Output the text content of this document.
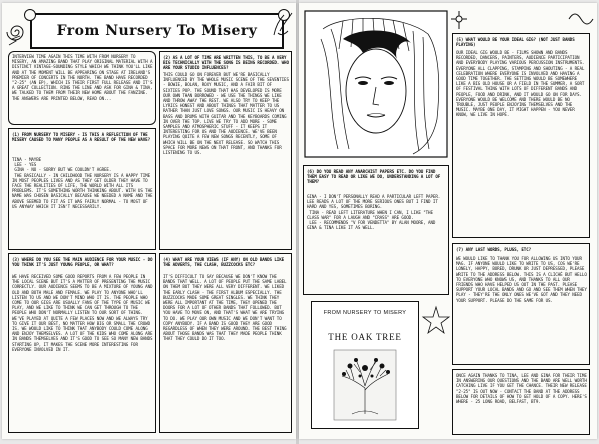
From Nursery To Misery
INTERVIEW TIME AGAIN THIS TIME WITH FROM NURSERY TO MISERY, AN AMAZING BAND THAT PLAY ORIGINAL MATERIAL WITH A DISTINCT VINTAGE-SOUNDING STYLE WHICH WE THINK YOU'LL LIKE AND AT THE MOMENT WILL BE APPEARING ON STAGE AT IRELAND'S PREMIER OF CONCERTS IN THE NORTH. THE BAND HAVE RECORDED "2-25" (AN EP), WHICH IS THEIR FIRST FULL RELEASE AND IT'S A GREAT COLLECTION. RING THE LINE AND ASK FOR GINA & TINA, WE TALKED TO THEM FROM THEIR NEW HOME ABOUT THE FANZINE. THE ANSWERS ARE PRINTED BELOW, READ ON...
(1) FROM NURSERY TO MISERY - IS THIS A REFLECTION OF THE MISERY CAUSED TO MANY PEOPLE AS A RESULT OF THE NEW WAVE?
TINA - MAYBE
LEE - YES
GINA - NO - SORRY BUT WE COULDN'T AGREE.
THE BASICALLY - IN CHILDHOOD THE NURSERY IS A HAPPY TIME IN MOST PEOPLES LIVES AND AS THEY GET OLDER THEY HAVE TO FACE THE REALITIES OF LIFE, THE WORLD WITH ALL ITS PROBLEMS. IT'S SOMETHING WORTH THINKING ABOUT. WITH US THE NAME WAS CHOSEN BASICALLY BECAUSE WE NEEDED A NAME AND THE ABOVE SEEMED TO FIT AS IT WAS FAIRLY NORMAL - TO MOST OF US ANYWAY WHICH IT ISN'T NECESSARILY.
(2) AS A LOT OF TIME ARE WRITTEN THIS, TO BE A VERY BIG TECHNICALLY WITH THE SONG IS BEING RECORDED. WHO ARE YOUR STUDIO INFLUENCES?
THIS COULD GO ON FOREVER BUT WE'RE BASICALLY INFLUENCED BY THE WHOLE MUSIC SCENE OF THE SEVENTIES - BOWIE, BOLAN, ROXY MUSIC, AND A FAIR BIT OF SIXTIES POP. THE SOUND THAT HAS DEVELOPED IS MORE OUR OWN THAN BORROWED - WE USE THE THINGS WE LIKE AND THROW AWAY THE REST. WE ALSO TRY TO KEEP THE LYRICS HONEST AND ABOUT THINGS THAT MATTER TO US RATHER THAN JUST LOVE SONGS. OUR MUSIC IS HEAVY ON BASS AND DRUMS WITH GUITAR AND THE KEYBOARDS COMING IN OVER THE TOP. LIVE WE TRY TO ADD MORE - SOME SAMPLES AND ATMOSPHERIC STUFF - IT KEEPS IT INTERESTING FOR US AND THE AUDIENCE. WE'VE BEEN PLAYING QUITE A FEW NEW SONGS RECENTLY, SOME OF WHICH WILL BE ON THE NEXT RELEASE. SO WATCH THIS SPACE FOR MORE NEWS ON THAT FRONT, AND THANKS FOR LISTENING TO US.
(3) WHERE DO YOU SEE THE MAIN AUDIENCE FOR YOUR MUSIC - DO YOU THINK IT'S JUST YOUNG PEOPLE, OR WHAT?
WE HAVE RECEIVED SOME GOOD REPORTS FROM A FEW PEOPLE IN THE LOCAL SCENE BUT IT'S A MATTER OF PRESENTING THE MUSIC CORRECTLY. OUR AUDIENCE SEEMS TO BE A MIXTURE OF YOUNG AND OLD AND BOTH MALE AND FEMALE. WE PLAY TO ANYONE WHO'LL LISTEN TO US AND WE DON'T MIND WHO IT IS. THE PEOPLE WHO COME TO OUR GIGS ARE USUALLY FANS OF THE TYPE OF MUSIC WE PLAY, AND WE LIKE TO THINK WE CAN GET THROUGH TO THE PEOPLE WHO DON'T NORMALLY LISTEN TO OUR SORT OF THING. WE'VE PLAYED AT QUITE A FEW PLACES NOW AND WE ALWAYS TRY TO GIVE IT OUR BEST, NO MATTER HOW BIG OR SMALL THE CROWD IS. WE WOULD LIKE TO THINK THAT ANYBODY COULD COME ALONG AND ENJOY THEMSELVES. A LOT OF THE KIDS WHO COME ALONG ARE IN BANDS THEMSELVES AND IT'S GOOD TO SEE SO MANY NEW BANDS STARTING UP, IT MAKES THE SCENE MORE INTERESTING FOR EVERYONE INVOLVED IN IT.
(4) WHAT ARE YOUR VIEWS (IF ANY) ON OLD BANDS LIKE THE ADVERTS, THE CLASH, BUZZCOCKS ETC?
IT'S DIFFICULT TO SAY BECAUSE WE DON'T KNOW THE BANDS THAT WELL. A LOT OF PEOPLE PUT THE SAME LABEL ON THEM BUT THEY WERE ALL VERY DIFFERENT. WE LIKED THE EARLY CLASH - THE FIRST ALBUM ESPECIALLY. THE BUZZCOCKS MADE SOME GREAT SINGLES. WE THINK THEY WERE ALL IMPORTANT AT THE TIME, THEY OPENED THE DOORS FOR A LOT OF OTHER BANDS THAT FOLLOWED. BUT YOU HAVE TO MOVE ON, AND THAT'S WHAT WE ARE TRYING TO DO. WE PLAY OUR OWN MUSIC AND WE DON'T WANT TO COPY ANYBODY. IF A BAND IS GOOD THEY ARE GOOD REGARDLESS OF WHEN THEY WERE AROUND. THE BEST THING ABOUT THOSE BANDS WAS THAT THEY MADE PEOPLE THINK THAT THEY COULD DO IT TOO.
(5) WHAT WOULD BE YOUR IDEAL GIG? (NOT JUST BANDS PLAYING)
OUR IDEAL GIG WOULD BE - FILMS SHOWN AND BANDS RECORDED, DANCERS, PAINTERS, AUDIENCE PARTICIPATION AND EVERYBODY PLAYING VARIOUS PERCUSSION INSTRUMENTS. EVERYONE ALL CLAPPING, STAMPING AND SHOUTING - A REAL CELEBRATION WHERE EVERYONE IS INVOLVED AND HAVING A GOOD TIME TOGETHER. THE SETTING WOULD BE SOMEWHERE LIKE A BIG OLD HOUSE OR A FIELD IN THE SUMMER, A SORT OF FESTIVAL THING WITH LOTS OF DIFFERENT BANDS AND PEOPLE, FOOD AND DRINK, AND IT WOULD GO ON FOR DAYS. EVERYONE WOULD BE WELCOME AND THERE WOULD BE NO TROUBLE, JUST PEOPLE ENJOYING THEMSELVES AND THE MUSIC. MAYBE ONE DAY, IT MIGHT HAPPEN - YOU NEVER KNOW, WE LIVE IN HOPE.
(6) DO YOU READ ANY ANARCHIST PAPERS ETC. DO YOU FIND THEM EASY TO READ OR LIKE WE DO, UNDERSTANDING A LOT OF THEM?
GINA - I DON'T PERSONALLY READ A PARTICULAR LEFT PAPER. LEE READS A LOT OF THE MORE SERIOUS ONES BUT I FIND IT HARD AND YES, SOMETIMES BORING.
TINA - READ LEFT LITERATURE WHEN I CAN, I LIKE "THE CLASS WAR" FOR A LAUGH AND "CRASS" ARE GOOD.
LEE - RECOMMENDS "V FOR VENDETTA" BY ALAN MOORE, AND GINA & TINA LIKE IT AS WELL.
FROM NURSERY TO MISERY
THE OAK TREE
(7) ANY LAST WORDS, PLUGS, ETC?
WE WOULD LIKE TO THANK YOU FOR ALLOWING US INTO YOUR MAG. IF ANYONE WOULD LIKE TO WRITE TO US, COS WE'RE LONELY, HAPPY, BORED, DRUNK OR JUST DEPRESSED, PLEASE WRITE TO THE ADDRESS BELOW. THIS IS A CLICHÉ BUT HELLO TO EVERYONE WHO KNOWS US, AND THANKS TO ALL OUR FRIENDS WHO HAVE HELPED US OUT IN THE PAST. PLEASE SUPPORT YOUR LOCAL BANDS AND GO AND SEE THEM WHEN THEY PLAY - THEY'RE THE ONLY ONES WE'VE GOT AND THEY NEED YOUR SUPPORT. PLEASE DO THE SAME FOR US.
ONCE AGAIN THANKS TO TINA, LEE AND GINA FOR THEIR TIME IN ANSWERING OUR QUESTIONS AND THE BAND ARE WELL WORTH CATCHING LIVE IF YOU GET THE CHANCE. THEIR NEW RELEASE "2-25" IS OUT NOW - CONTACT THE BAND AT THE ADDRESS BELOW FOR DETAILS OF HOW TO GET HOLD OF A COPY. HERE'S WHERE - 25 LONG ROAD, BELFAST, BT9.
